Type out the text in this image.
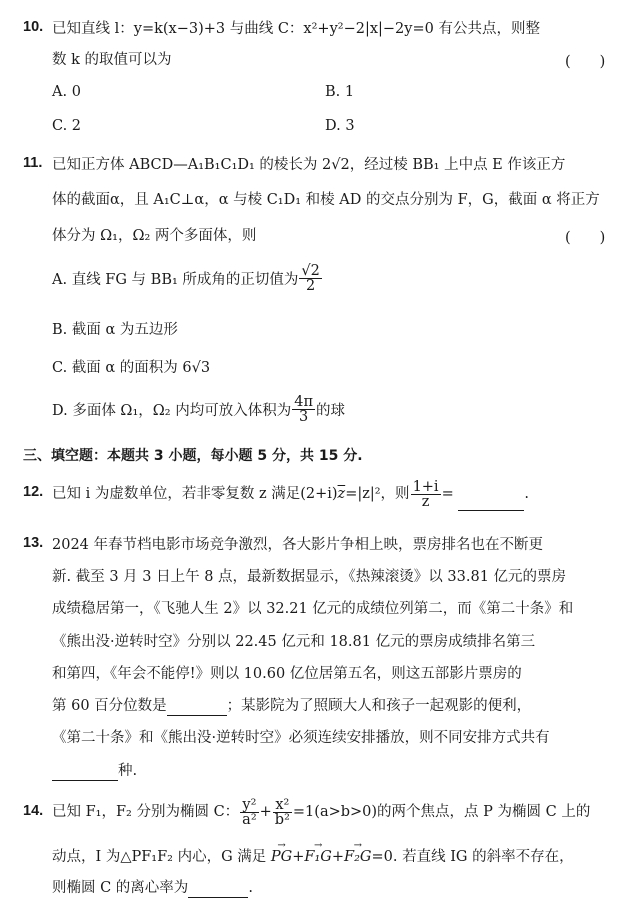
10. 已知直线 l：y=k(x−3)+3 与曲线 C：x²+y²−2|x|−2y=0 有公共点，则整
数 k 的取值可以为	(　　)
A. 0	B. 1
C. 2	D. 3
11. 已知正方体 ABCD—A₁B₁C₁D₁ 的棱长为 2√2，经过棱 BB₁ 上中点 E 作该正方
体的截面α，且 A₁C⊥α，α 与棱 C₁D₁ 和棱 AD 的交点分别为 F，G，截面 α 将正方
体分为 Ω₁，Ω₂ 两个多面体，则	(　　)
A. 直线 FG 与 BB₁ 所成角的正切值为 $\frac{√2}{2}$
B. 截面 α 为五边形
C. 截面 α 的面积为 6√3
D. 多面体 Ω₁，Ω₂ 内均可放入体积为 $\frac{4\pi}{3}$ 的球
三、填空题：本题共 3 小题，每小题 5 分，共 15 分.
12. 已知 i 为虚数单位，若非零复数 z 满足$(2+i)\overline{z}=|z|^2$，则 $\frac{1+i}{z}$ =	.
13. 2024 年春节档电影市场竞争激烈，各大影片争相上映，票房排名也在不断更
新. 截至 3 月 3 日上午 8 点，最新数据显示，《热辣滚烫》以 33.81 亿元的票房
成绩稳居第一，《飞驰人生 2》以 32.21 亿元的成绩位列第二，而《第二十条》和
《熊出没·逆转时空》分别以 22.45 亿元和 18.81 亿元的票房成绩排名第三
和第四，《年会不能停!》则以 10.60 亿位居第五名，则这五部影片票房的
第 60 百分位数是	；某影院为了照顾大人和孩子一起观影的便利，
《第二十条》和《熊出没·逆转时空》必须连续安排播放，则不同安排方式共有
种.
14. 已知 F₁，F₂ 分别为椭圆 C： $\frac{\text{y²}}{\text{a²}} + \frac{\text{x²}}{\text{b²}} =1(a>b>0)$的两个焦点，点 P 为椭圆 C 上的
动点，I 为△PF₁F₂ 内心，G 满足 → PG+→ F₁G+→ F₂G=0. 若直线 IG 的斜率不存在，
则椭圆 C 的离心率为	.
